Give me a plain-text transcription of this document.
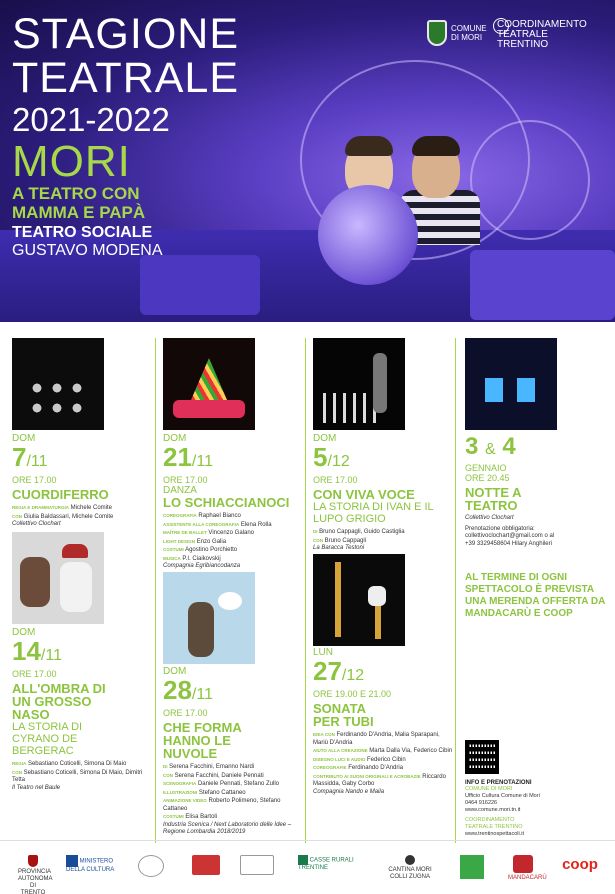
STAGIONE
TEATRALE
2021-2022
MORI
A TEATRO CON
MAMMA E PAPÀ
TEATRO SOCIALE
GUSTAVO MODENA
COMUNE
DI MORI
COORDINAMENTO
TEATRALE
TRENTINO
DOM
7/11
ORE 17.00
CUORDIFERRO
REGIA E DRAMMATURGIA Michele Comite
CON Giulia Baldassari, Michele Comite
Collettivo Clochart
DOM
21/11
ORE 17.00
DANZA
LO SCHIACCIANOCI
COREOGRAFIA Raphael Bianco
ASSISTENTE ALLA COREOGRAFIA Elena Rolla
MAÎTRE DE BALLET Vincenzo Galano
LIGHT DESIGN Enzo Galia
COSTUMI Agostino Porchietto
MUSICA P.I. Ciaikovskij
Compagnia Egribiancodanza
DOM
5/12
ORE 17.00
CON VIVA VOCE
LA STORIA DI IVAN E IL LUPO GRIGIO
DI Bruno Cappagli, Guido Castiglia
CON Bruno Cappagli
La Baracca Testoni
3 & 4
GENNAIO
ORE 20.45
NOTTE A TEATRO
Collettivo Clochart
Prenotazione obbligatoria:
collettivoclochart@gmail.com o al
+39 3329458604 Hilary Anghileri
AL TERMINE DI OGNI SPETTACOLO È PREVISTA UNA MERENDA OFFERTA DA MANDACARÙ E COOP
DOM
14/11
ORE 17.00
ALL'OMBRA DI UN GROSSO NASO
LA STORIA DI CYRANO DE BERGERAC
REGIA Sebastiano Coticelli, Simona Di Maio
CON Sebastiano Coticelli, Simona Di Maio, Dimitri Tetta
Il Teatro nel Baule
DOM
28/11
ORE 17.00
CHE FORMA HANNO LE NUVOLE
DI Serena Facchini, Emanno Nardi
CON Serena Facchini, Daniele Pennati
SCENOGRAFIA Daniele Pennati, Stefano Zullo
ILLUSTRAZIONI Stefano Cattaneo
ANIMAZIONE VIDEO Roberto Polimeno, Stefano Cattaneo
COSTUMI Elisa Bartoli
Industria Scenica / Next Laboratorio delle Idee – Regione Lombardia 2018/2019
LUN
27/12
ORE 19.00 E 21.00
SONATA PER TUBI
IDEA CON Ferdinando D'Andria, Malia Sparapani, Mariù D'Andria
AIUTO ALLA CREAZIONE Marta Dalla Via, Federico Cibin
DISEGNO LUCI E AUDIO Federico Cibin
COREOGRAFIE Ferdinando D'Andria
CONTRIBUTO AI SUONI ORIGINALI E ACROBAZIE Riccardo Massidda, Gaby Corbo
Compagnia Nando e Maila
INFO E PRENOTAZIONI
COMUNE DI MORI
Ufficio Cultura Comune di Mori
0464 916226
www.comune.mori.tn.it
COORDINAMENTO
TEATRALE TRENTINO
www.trentinospettacoli.it
PROVINCIA AUTONOMA DI TRENTO
MINISTERO DELLA CULTURA
CASSE RURALI TRENTINE	CANTINA MORI COLLI ZUGNA	MANDACARÙ
coop
